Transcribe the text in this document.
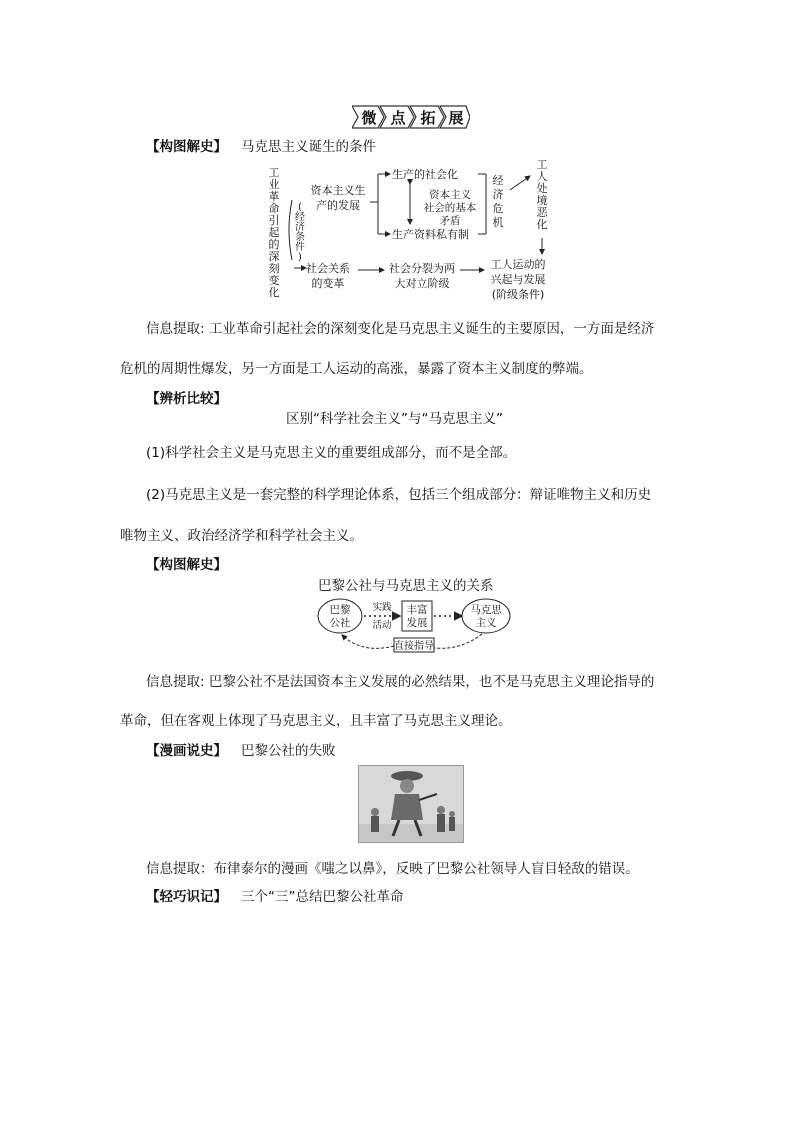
微 点 拓 展
【构图解史】 马克思主义诞生的条件
工业革命引起的深刻变化
(经济条件)
资本主义生
产的发展
社会关系
的变革
生产的社会化
生产资料私有制
资本主义
社会的基本
矛盾
经济危机
工人处境恶化
社会分裂为两
大对立阶级
工人运动的
兴起与发展
(阶级条件)
信息提取: 工业革命引起社会的深刻变化是马克思主义诞生的主要原因，一方面是经济
危机的周期性爆发，另一方面是工人运动的高涨，暴露了资本主义制度的弊端。
【辨析比较】
区别“科学社会主义”与“马克思主义”
(1)科学社会主义是马克思主义的重要组成部分，而不是全部。
(2)马克思主义是一套完整的科学理论体系，包括三个组成部分：辩证唯物主义和历史
唯物主义、政治经济学和科学社会主义。
【构图解史】
巴黎公社与马克思主义的关系
巴黎
公社
实践
活动
丰富
发展
马克思
主义
直接指导
信息提取: 巴黎公社不是法国资本主义发展的必然结果，也不是马克思主义理论指导的
革命，但在客观上体现了马克思主义，且丰富了马克思主义理论。
【漫画说史】 巴黎公社的失败
信息提取：布律泰尔的漫画《嗤之以鼻》，反映了巴黎公社领导人盲目轻敌的错误。
【轻巧识记】 三个“三”总结巴黎公社革命
